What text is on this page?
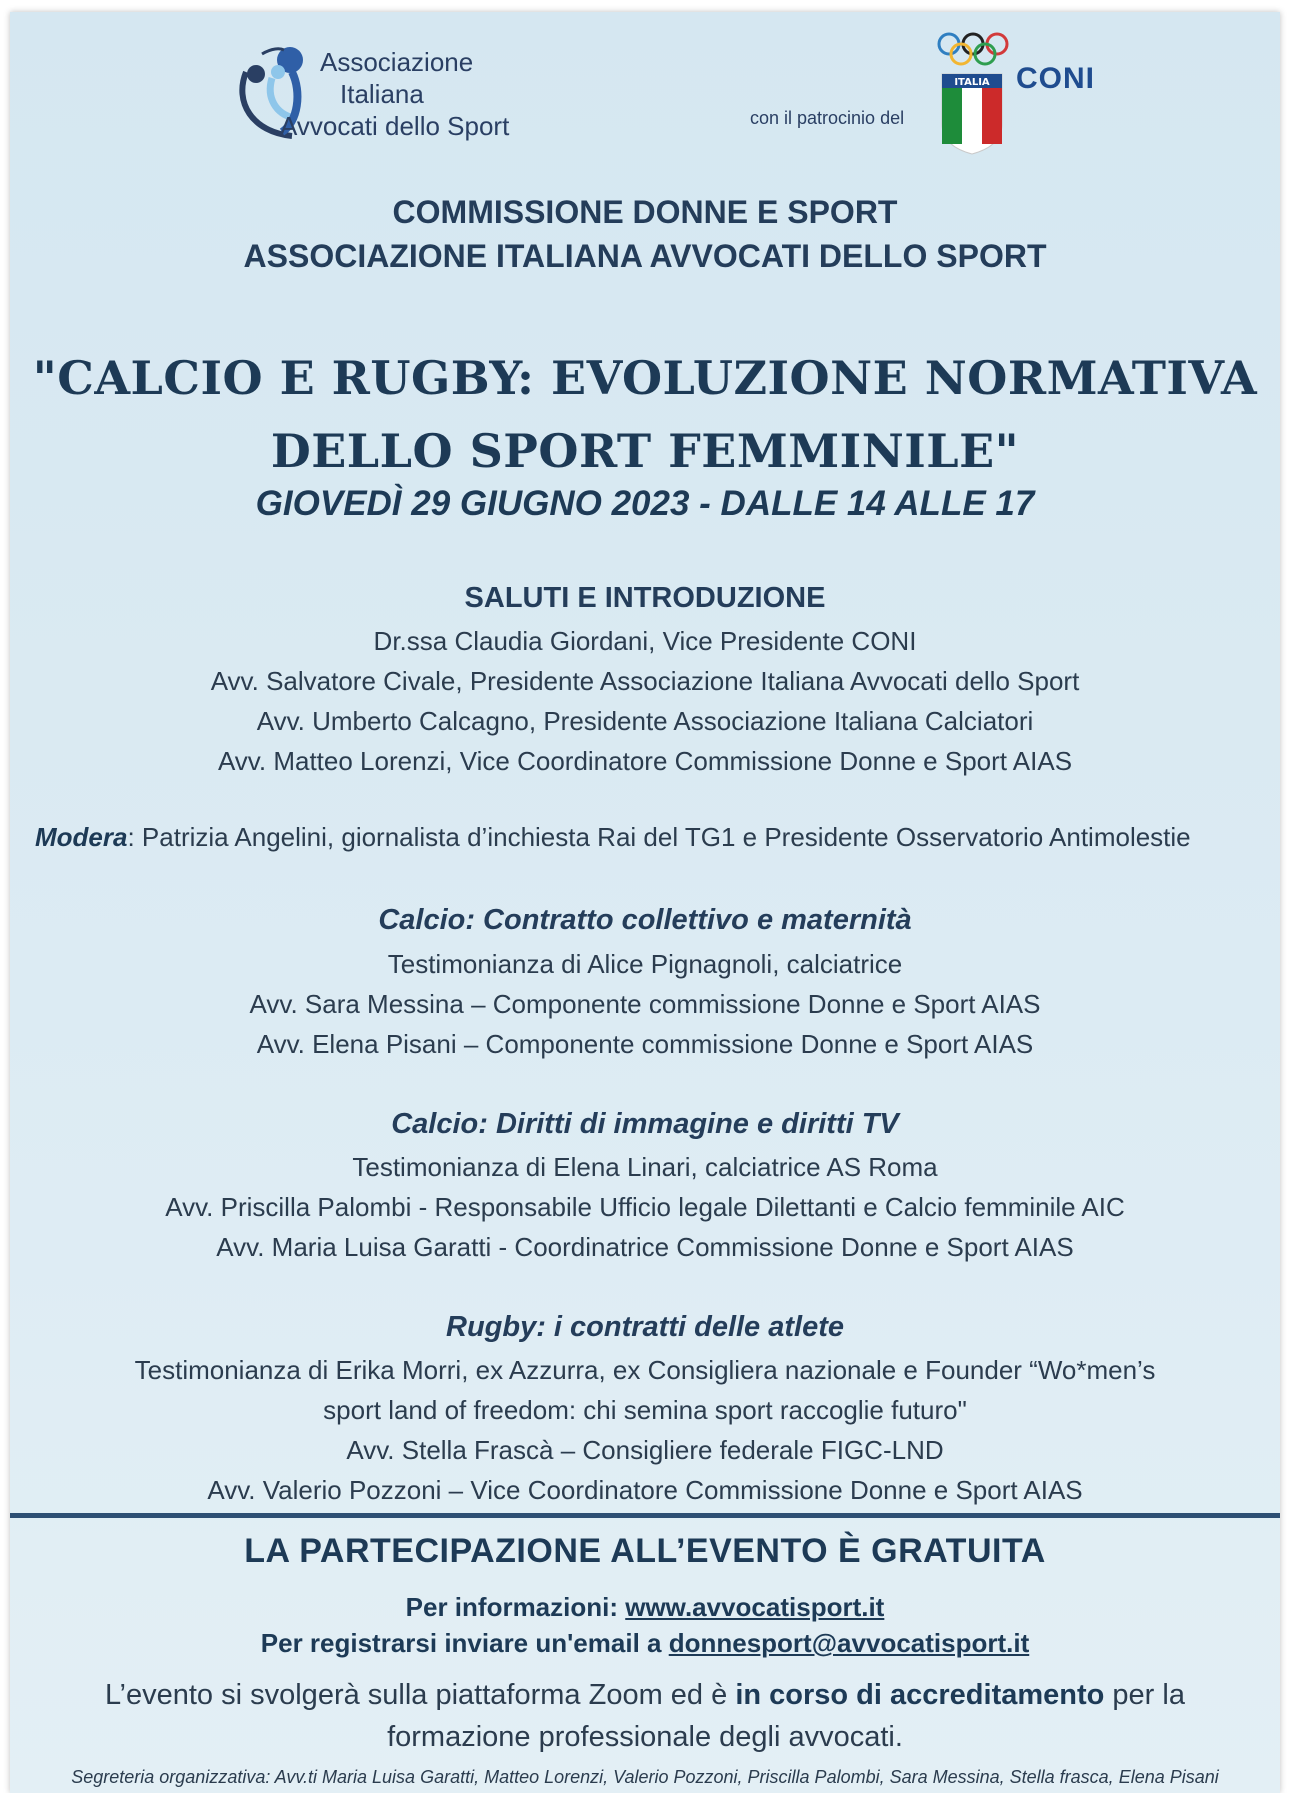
Associazione
Italiana
Avvocati dello Sport	con il patrocinio del
ITALIA CONI
COMMISSIONE DONNE E SPORT
ASSOCIAZIONE ITALIANA AVVOCATI DELLO SPORT
"CALCIO E RUGBY: EVOLUZIONE NORMATIVA
DELLO SPORT FEMMINILE"
GIOVEDÌ 29 GIUGNO 2023 - DALLE 14 ALLE 17
SALUTI E INTRODUZIONE
Dr.ssa Claudia Giordani, Vice Presidente CONI
Avv. Salvatore Civale, Presidente Associazione Italiana Avvocati dello Sport
Avv. Umberto Calcagno, Presidente Associazione Italiana Calciatori
Avv. Matteo Lorenzi, Vice Coordinatore Commissione Donne e Sport AIAS
Modera: Patrizia Angelini, giornalista d’inchiesta Rai del TG1 e Presidente Osservatorio Antimolestie
Calcio: Contratto collettivo e maternità
Testimonianza di Alice Pignagnoli, calciatrice
Avv. Sara Messina – Componente commissione Donne e Sport AIAS
Avv. Elena Pisani – Componente commissione Donne e Sport AIAS
Calcio: Diritti di immagine e diritti TV
Testimonianza di Elena Linari, calciatrice AS Roma
Avv. Priscilla Palombi - Responsabile Ufficio legale Dilettanti e Calcio femminile AIC
Avv. Maria Luisa Garatti - Coordinatrice Commissione Donne e Sport AIAS
Rugby: i contratti delle atlete
Testimonianza di Erika Morri, ex Azzurra, ex Consigliera nazionale e Founder “Wo*men’s
sport land of freedom: chi semina sport raccoglie futuro"
Avv. Stella Frascà – Consigliere federale FIGC-LND
Avv. Valerio Pozzoni – Vice Coordinatore Commissione Donne e Sport AIAS
LA PARTECIPAZIONE ALL’EVENTO È GRATUITA
Per informazioni: www.avvocatisport.it
Per registrarsi inviare un'email a donnesport@avvocatisport.it
L’evento si svolgerà sulla piattaforma Zoom ed è in corso di accreditamento per la
formazione professionale degli avvocati.
Segreteria organizzativa: Avv.ti Maria Luisa Garatti, Matteo Lorenzi, Valerio Pozzoni, Priscilla Palombi, Sara Messina, Stella frasca, Elena Pisani
